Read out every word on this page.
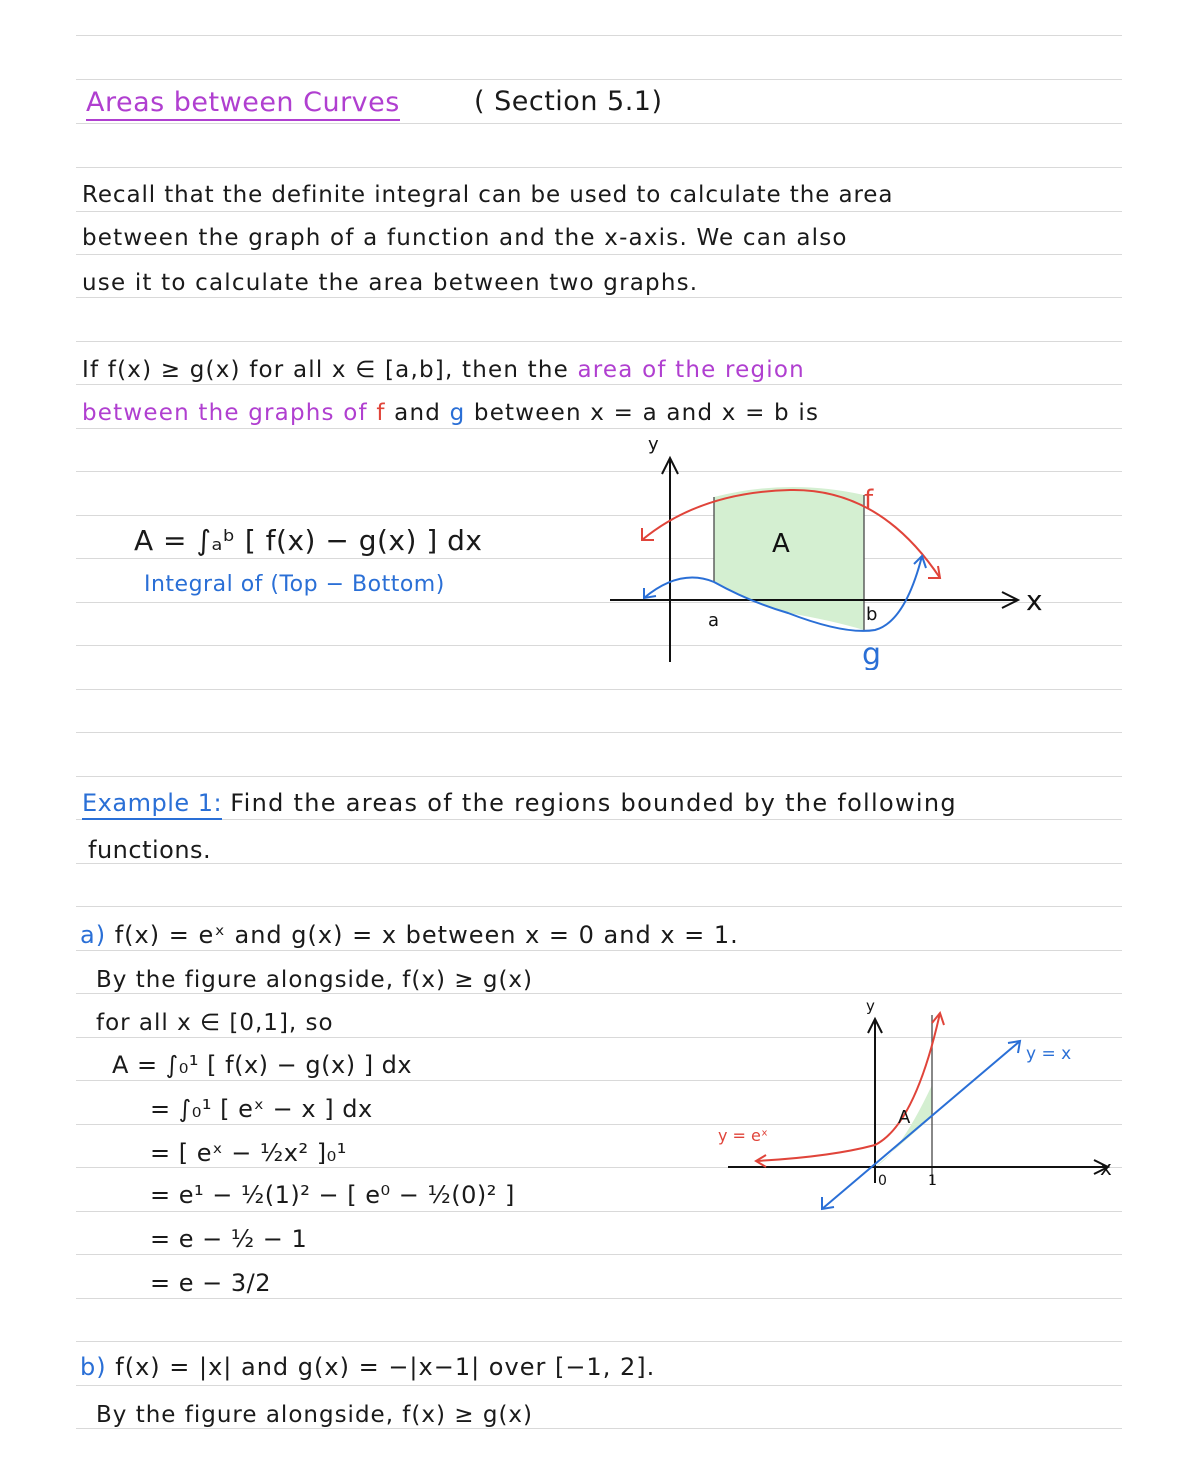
Areas between Curves	( Section 5.1)
Recall that the definite integral can be used to calculate the area
between the graph of a function and the x-axis. We can also
use it to calculate the area between two graphs.
If f(x) ≥ g(x) for all x ∈ [a,b], then the area of the region
between the graphs of f and g between x = a and x = b is
A = ∫ₐᵇ [ f(x) − g(x) ] dx
Integral of (Top − Bottom)
y
x
f
g
A
a	b
Example 1: Find the areas of the regions bounded by the following
functions.
a) f(x) = eˣ and g(x) = x between x = 0 and x = 1.
By the figure alongside, f(x) ≥ g(x)
for all x ∈ [0,1], so
A = ∫₀¹ [ f(x) − g(x) ] dx
= ∫₀¹ [ eˣ − x ] dx
= [ eˣ − ½x² ]₀¹
= e¹ − ½(1)² − [ e⁰ − ½(0)² ]
= e − ½ − 1
= e − 3/2
y
x
y = x
y = eˣ
A
0	1
b) f(x) = |x| and g(x) = −|x−1| over [−1, 2].
By the figure alongside, f(x) ≥ g(x)
